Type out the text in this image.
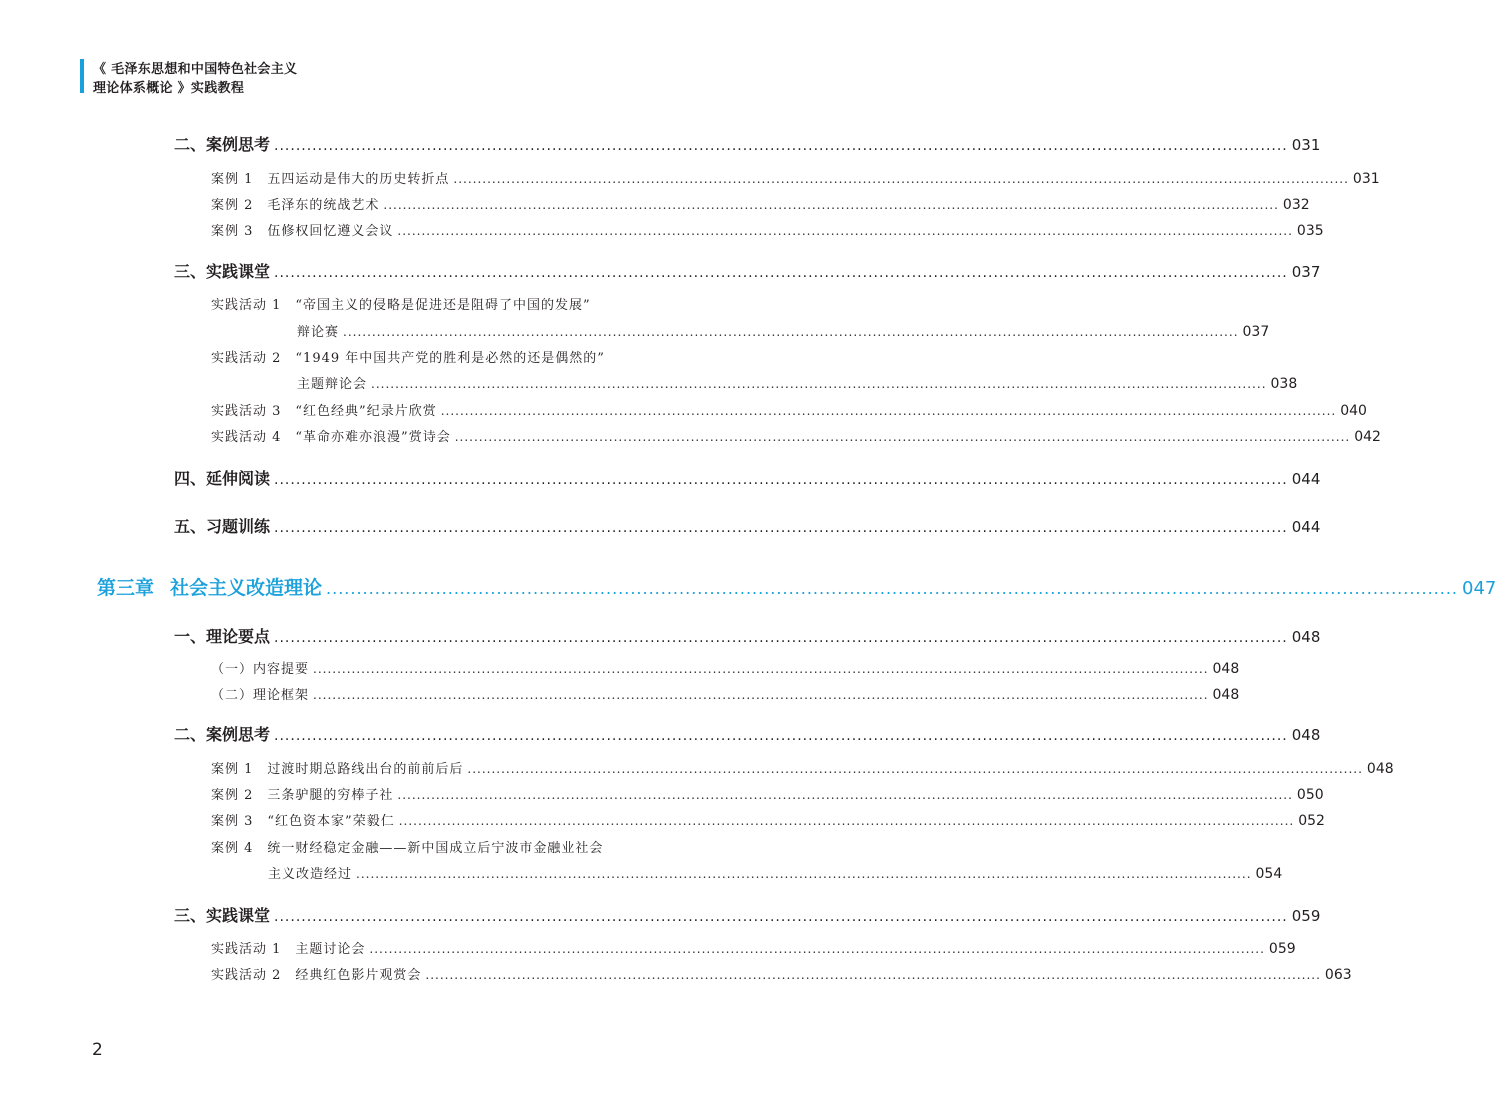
《 毛泽东思想和中国特色社会主义
理论体系概论 》实践教程
二、案例思考 .......................................................................................................................................................................................... 031
案例 1　五四运动是伟大的历史转折点 .......................................................................................................................................................................................... 031
案例 2　毛泽东的统战艺术 .......................................................................................................................................................................................... 032
案例 3　伍修权回忆遵义会议 .......................................................................................................................................................................................... 035
三、实践课堂 .......................................................................................................................................................................................... 037
实践活动 1　“帝国主义的侵略是促进还是阻碍了中国的发展”
辩论赛 .......................................................................................................................................................................................... 037
实践活动 2　“1949 年中国共产党的胜利是必然的还是偶然的”
主题辩论会 .......................................................................................................................................................................................... 038
实践活动 3　“红色经典”纪录片欣赏 .......................................................................................................................................................................................... 040
实践活动 4　“革命亦难亦浪漫”赏诗会 .......................................................................................................................................................................................... 042
四、延伸阅读 .......................................................................................................................................................................................... 044
五、习题训练 .......................................................................................................................................................................................... 044
第三章 社会主义改造理论 .......................................................................................................................................................................................... 047
一、理论要点 .......................................................................................................................................................................................... 048
（一）内容提要 .......................................................................................................................................................................................... 048
（二）理论框架 .......................................................................................................................................................................................... 048
二、案例思考 .......................................................................................................................................................................................... 048
案例 1　过渡时期总路线出台的前前后后 .......................................................................................................................................................................................... 048
案例 2　三条驴腿的穷棒子社 .......................................................................................................................................................................................... 050
案例 3　“红色资本家”荣毅仁 .......................................................................................................................................................................................... 052
案例 4　统一财经稳定金融——新中国成立后宁波市金融业社会
主义改造经过 .......................................................................................................................................................................................... 054
三、实践课堂 .......................................................................................................................................................................................... 059
实践活动 1　主题讨论会 .......................................................................................................................................................................................... 059
实践活动 2　经典红色影片观赏会 .......................................................................................................................................................................................... 063
2
